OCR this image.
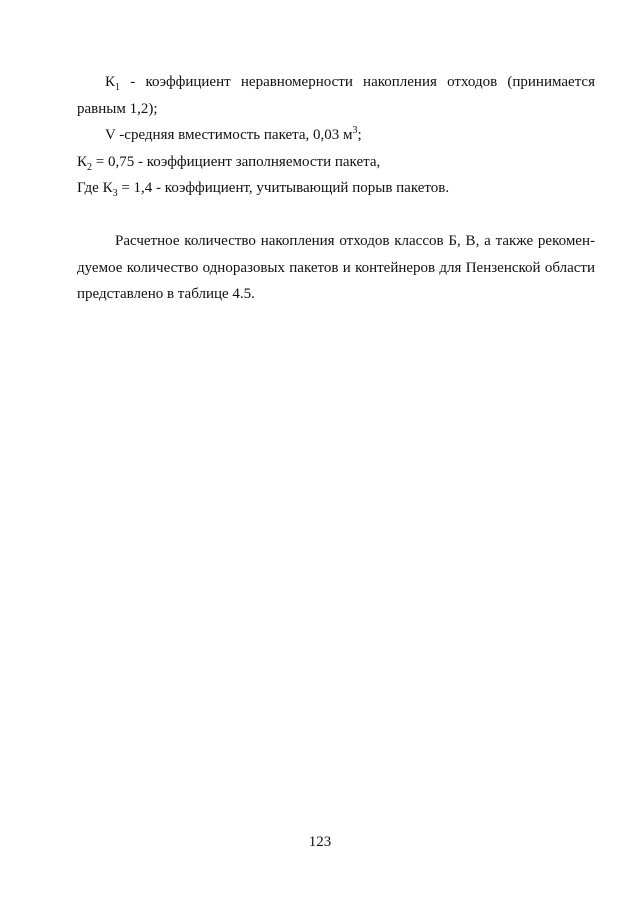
$К_1$ - коэффициент неравномерности накопления отходов (принимается
равным 1,2);
V -средняя вместимость пакета, 0,03 $м^3$;
$К_2 = 0,75$ - коэффициент заполняемости пакета,
Где $К_3 = 1,4$ - коэффициент, учитывающий порыв пакетов.
Расчетное количество накопления отходов классов Б, В, а также рекомен-
дуемое количество одноразовых пакетов и контейнеров для Пензенской области
представлено в таблице 4.5.
123
